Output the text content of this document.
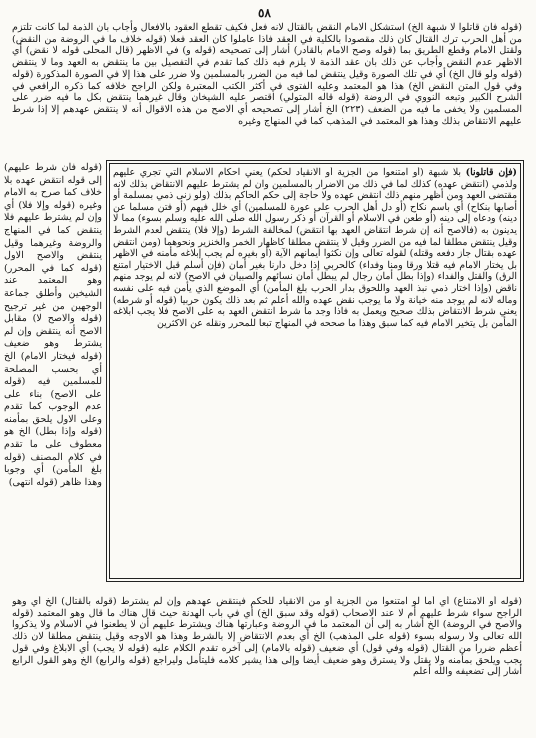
٥٨
(قوله فان قاتلوا لا شبهة الخ) استشكل الامام النقض بالقتال لانه فعل فكيف تقطع العقود بالافعال وأجاب بان الذمة لما كانت تلتزم من أهل الحرب ترك القتال كان ذلك مقصودا بالكلية في العقد فاذا عاملوا كان العقد فعلا (قوله خلاف ما في الروضة من النقض) ولقتل الامام وقطع الطريق بما (قوله وصح الامام بالقادر) أشار إلى تصحيحه (قوله و) في الاظهر (قال المحلى قوله لا نقض) أي الاظهر عدم النقض وأجاب عن ذلك بان عقد الذمة لا يلزم فيه ذلك كما تقدم في التفصيل بين ما ينتقض به العهد وما لا ينتقض (قوله ولو قال الخ) أي في تلك الصورة وقيل ينتقض لما فيه من الضرر بالمسلمين ولا ضرر على هذا إلا في الصورة المذكورة (قوله وفي قول المتن النقض الخ) هذا هو المعتمد وعليه الفتوى في أكثر الكتب المعتبرة ولكن الراجح خلافه كما ذكره الرافعي في الشرح الكبير وتبعه النووي في الروضة (قوله قاله المتولي) اقتصر عليه الشيخان وقال غيرهما ينتقض بكل ما فيه ضرر على المسلمين ولا يخفى ما فيه من الضعف (٢٢٣) الخ أشار إلى تصحيحه أي الاصح من هذه الاقوال أنه لا ينتقض عهدهم إلا إذا شرط عليهم الانتقاض بذلك وهذا هو المعتمد في المذهب كما في المنهاج وغيره
(فإن قاتلونا) بلا شبهة (أو امتنعوا من الجزية أو الانقياد لحكم) يعني احكام الاسلام التي تجري عليهم ولذمي (انتقض عهده) كذلك لما في ذلك من الاضرار بالمسلمين وان لم يشترط عليهم الانتقاض بذلك لانه مقتضى العهد ومن أظهر منهم ذلك انتقض عهده ولا حاجة إلى حكم الحاكم بذلك (ولو زنى ذمي بمسلمة أو أصابها بنكاح) أي باسم نكاح (أو دل أهل الحرب على عورة للمسلمين) أي خلل فيهم (أو فتن مسلما عن دينه) ودعاه إلى دينه (أو طعن في الاسلام أو القرآن أو ذكر رسول الله صلى الله عليه وسلم بسوء) مما لا يدينون به (فالاصح أنه إن شرط انتقاض العهد بها انتقض) لمخالفة الشرط (وإلا فلا) ينتقض لعدم الشرط وقيل ينتقض مطلقا لما فيه من الضرر وقيل لا ينتقض مطلقا كاظهار الخمر والخنزير ونحوهما (ومن انتقض عهده بقتال جاز دفعه وقتله) لقوله تعالى وإن نكثوا أيمانهم الآية (أو بغيره لم يجب إبلاغه مأمنه في الاظهر بل يختار الامام فيه قتلا ورقا ومنا وفداء) كالحربي إذا دخل دارنا بغير أمان (فإن أسلم قبل الاختيار امتنع الرق) والقتل والفداء (وإذا بطل أمان رجال لم يبطل أمان نسائهم والصبيان في الاصح) لانه لم يوجد منهم ناقض (وإذا اختار ذمي نبذ العهد واللحوق بدار الحرب بلغ المأمن) أي الموضع الذي يأمن فيه على نفسه وماله لانه لم يوجد منه خيانة ولا ما يوجب نقض عهده والله أعلم ثم بعد ذلك يكون حربيا (قوله أو شرطه) يعني شرط الانتقاض بذلك صحيح ويعمل به فاذا وجد ما شرط انتقض العهد به على الاصح فلا يجب ابلاغه المأمن بل يتخير الامام فيه كما سبق وهذا ما صححه في المنهاج تبعا للمحرر ونقله عن الاكثرين
(قوله فان شرط عليهم) إلى قوله انتقض عهده بلا خلاف كما صرح به الامام وغيره (قوله وإلا فلا) أي وإن لم يشترط عليهم فلا ينتقض كما في المنهاج والروضة وغيرهما وقيل ينتقض والاصح الاول (قوله كما في المحرر) وهو المعتمد عند الشيخين وأطلق جماعة الوجهين من غير ترجيح (قوله والاصح لا) مقابل الاصح أنه ينتقض وإن لم يشترط وهو ضعيف (قوله فيختار الامام) الخ أي بحسب المصلحة للمسلمين فيه (قوله على الاصح) بناء على عدم الوجوب كما تقدم وعلى الاول يلحق بمأمنه (قوله وإذا بطل) الخ هو معطوف على ما تقدم في كلام المصنف (قوله بلغ المأمن) أي وجوبا وهذا ظاهر (قوله انتهى)
(قوله أو الامتناع) أي أما لو امتنعوا من الجزية أو من الانقياد للحكم فينتقض عهدهم وإن لم يشترط (قوله بالقتال) الخ أي وهو الراجح سواء شرط عليهم أم لا عند الاصحاب (قوله وقد سبق الخ) أي في باب الهدنة حيث قال هناك ما قال وهو المعتمد (قوله والاصح في الروضة) الخ أشار به إلى أن المعتمد ما في الروضة وعبارتها هناك ويشترط عليهم أن لا يطعنوا في الاسلام ولا يذكروا الله تعالى ولا رسوله بسوء (قوله على المذهب) الخ أي بعدم الانتقاض إلا بالشرط وهذا هو الاوجه وقيل ينتقض مطلقا لان ذلك أعظم ضررا من القتال (قوله وفي قول) أي ضعيف (قوله بالامام) إلى آخره تقدم الكلام عليه (قوله لا يجب) أي الابلاغ وفي قول يجب ويلحق بمأمنه ولا يقتل ولا يسترق وهو ضعيف أيضا وإلى هذا يشير كلامه فليتأمل وليراجع (قوله والرابع) الخ وهو القول الرابع أشار إلى تضعيفه والله أعلم
